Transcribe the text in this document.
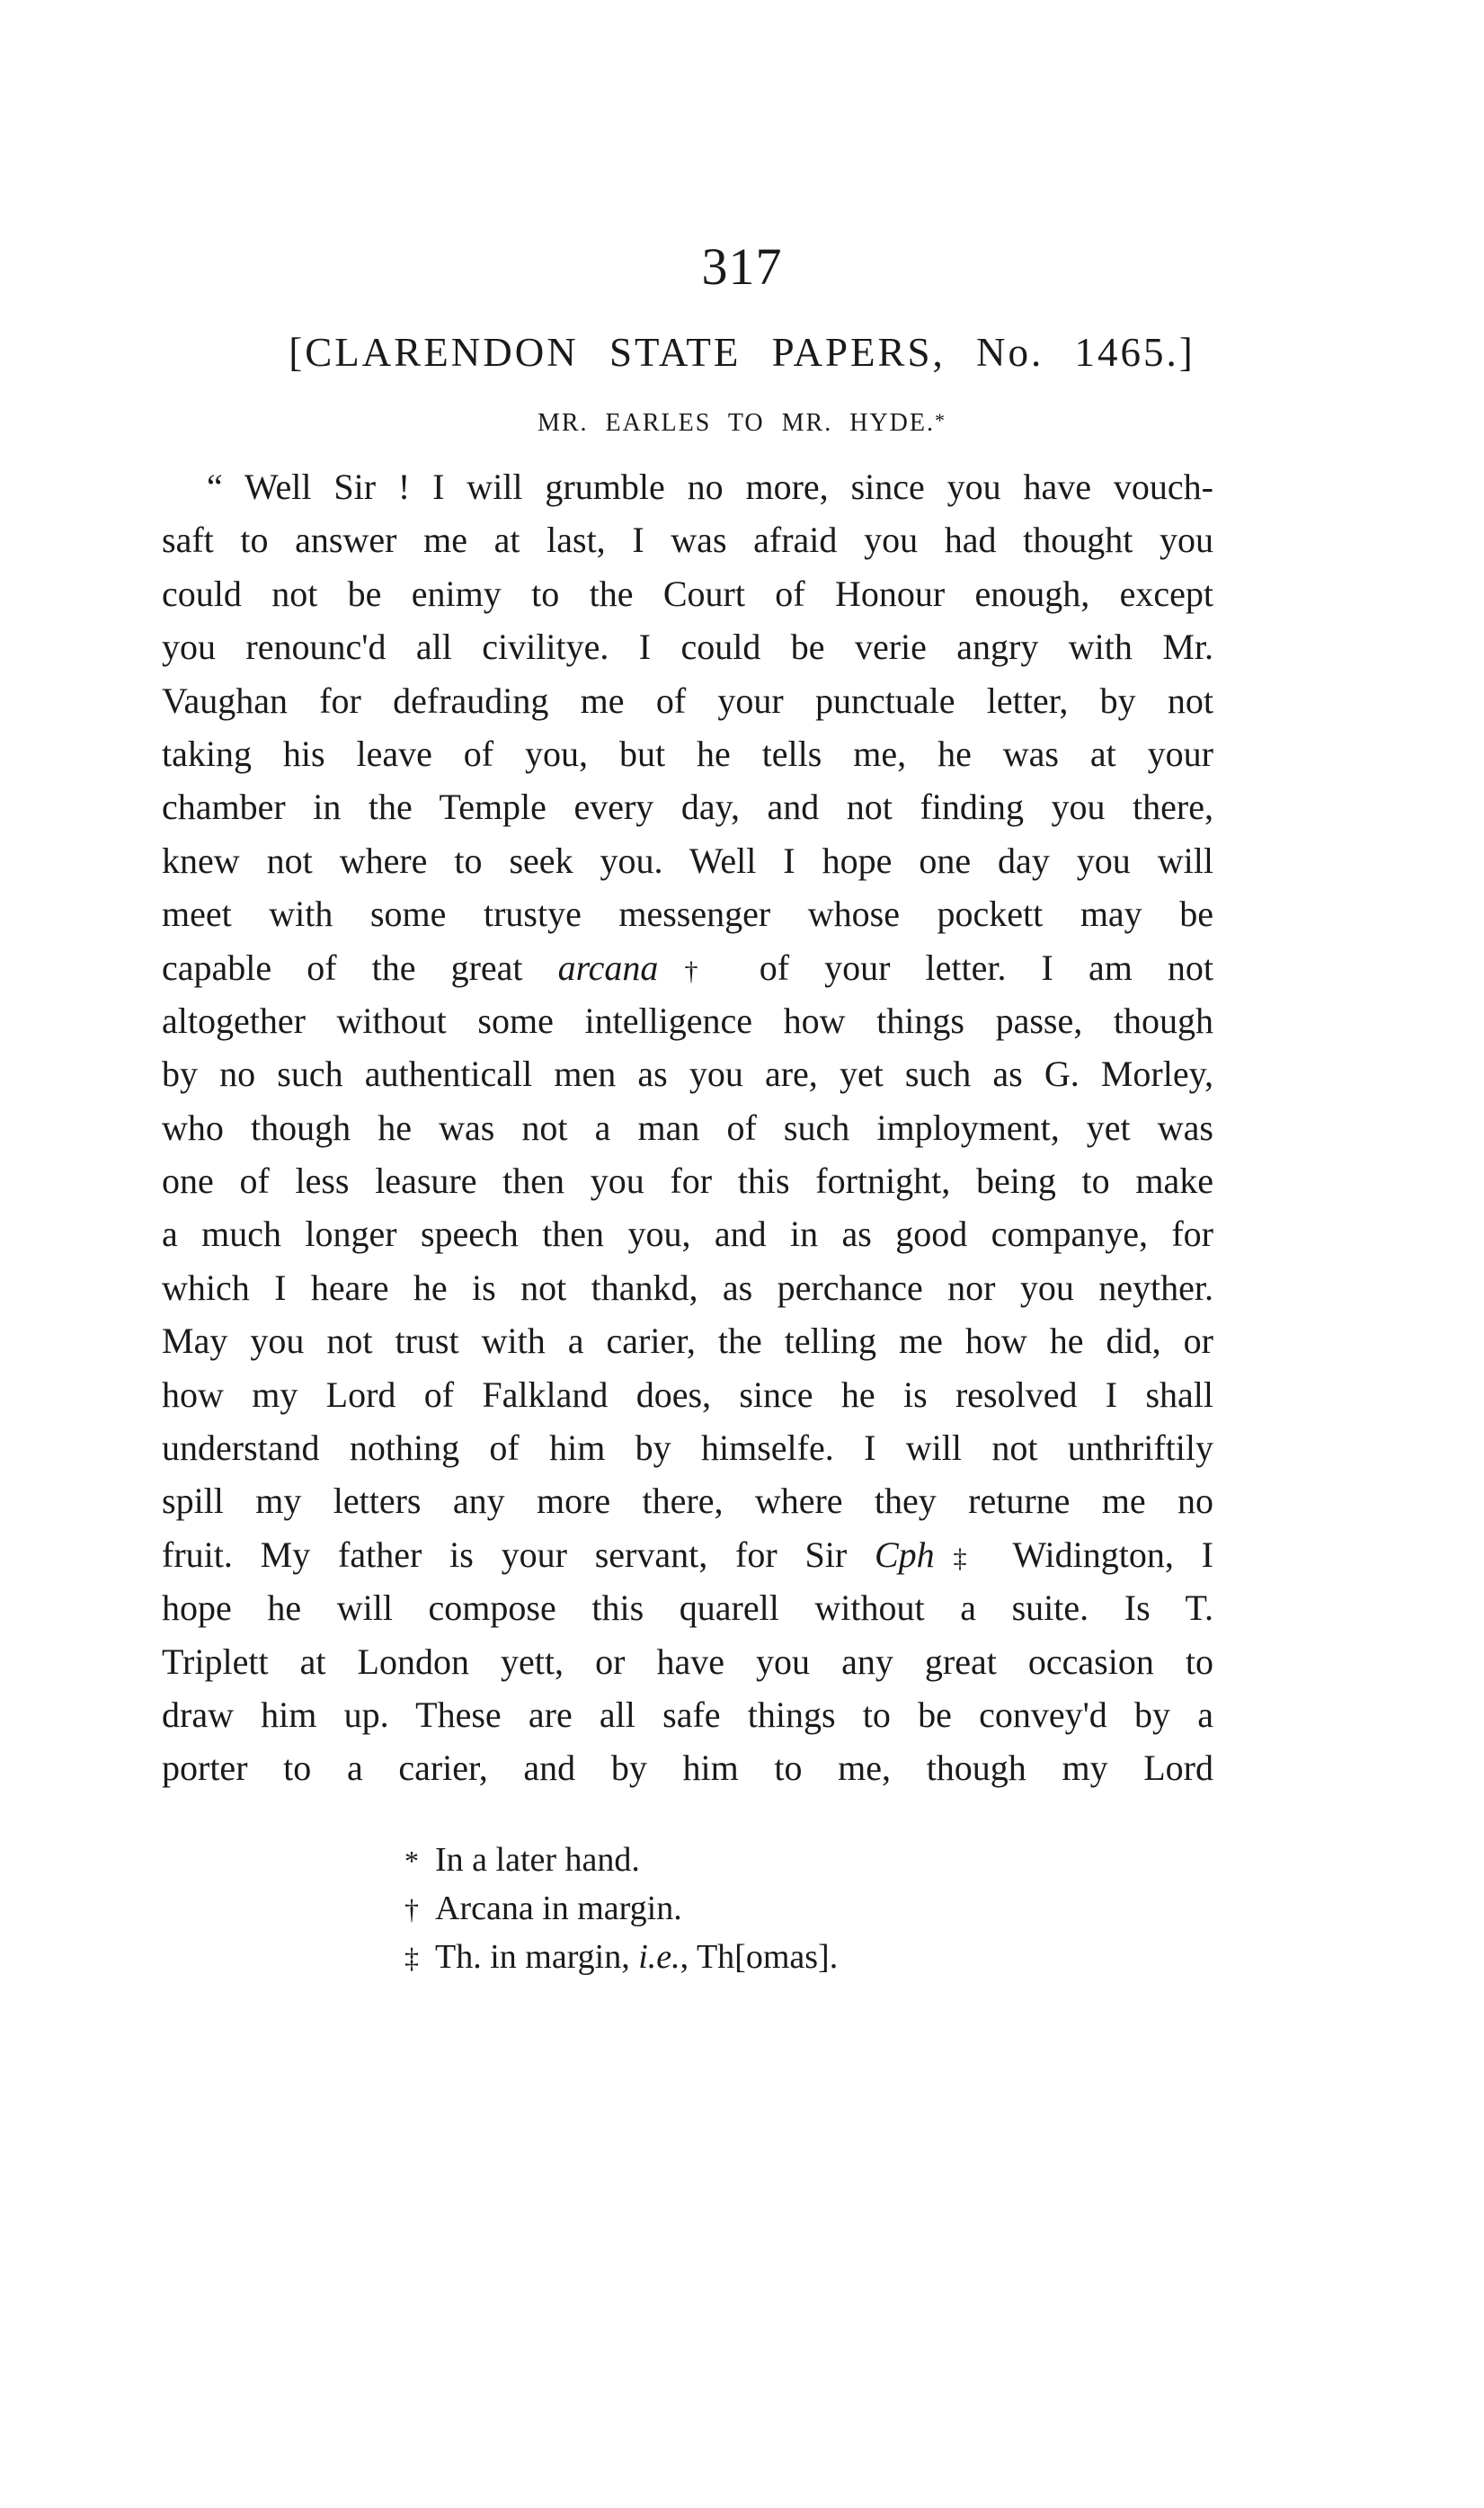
317
[CLARENDON STATE PAPERS, No. 1465.]
MR. EARLES TO MR. HYDE.*
“ Well Sir ! I will grumble no more, since you have vouch-
saft to answer me at last, I was afraid you had thought you
could not be enimy to the Court of Honour enough, except
you renounc'd all civilitye. I could be verie angry with Mr.
Vaughan for defrauding me of your punctuale letter, by not
taking his leave of you, but he tells me, he was at your
chamber in the Temple every day, and not finding you there,
knew not where to seek you. Well I hope one day you will
meet with some trustye messenger whose pockett may be
capable of the great arcana† of your letter. I am not
altogether without some intelligence how things passe, though
by no such authenticall men as you are, yet such as G. Morley,
who though he was not a man of such imployment, yet was
one of less leasure then you for this fortnight, being to make
a much longer speech then you, and in as good companye, for
which I heare he is not thankd, as perchance nor you neyther.
May you not trust with a carier, the telling me how he did, or
how my Lord of Falkland does, since he is resolved I shall
understand nothing of him by himselfe. I will not unthriftily
spill my letters any more there, where they returne me no
fruit. My father is your servant, for Sir Cph‡ Widington, I
hope he will compose this quarell without a suite. Is T.
Triplett at London yett, or have you any great occasion to
draw him up. These are all safe things to be convey'd by a
porter to a carier, and by him to me, though my Lord
* In a later hand.
† Arcana in margin.
‡ Th. in margin, i.e., Th[omas].
